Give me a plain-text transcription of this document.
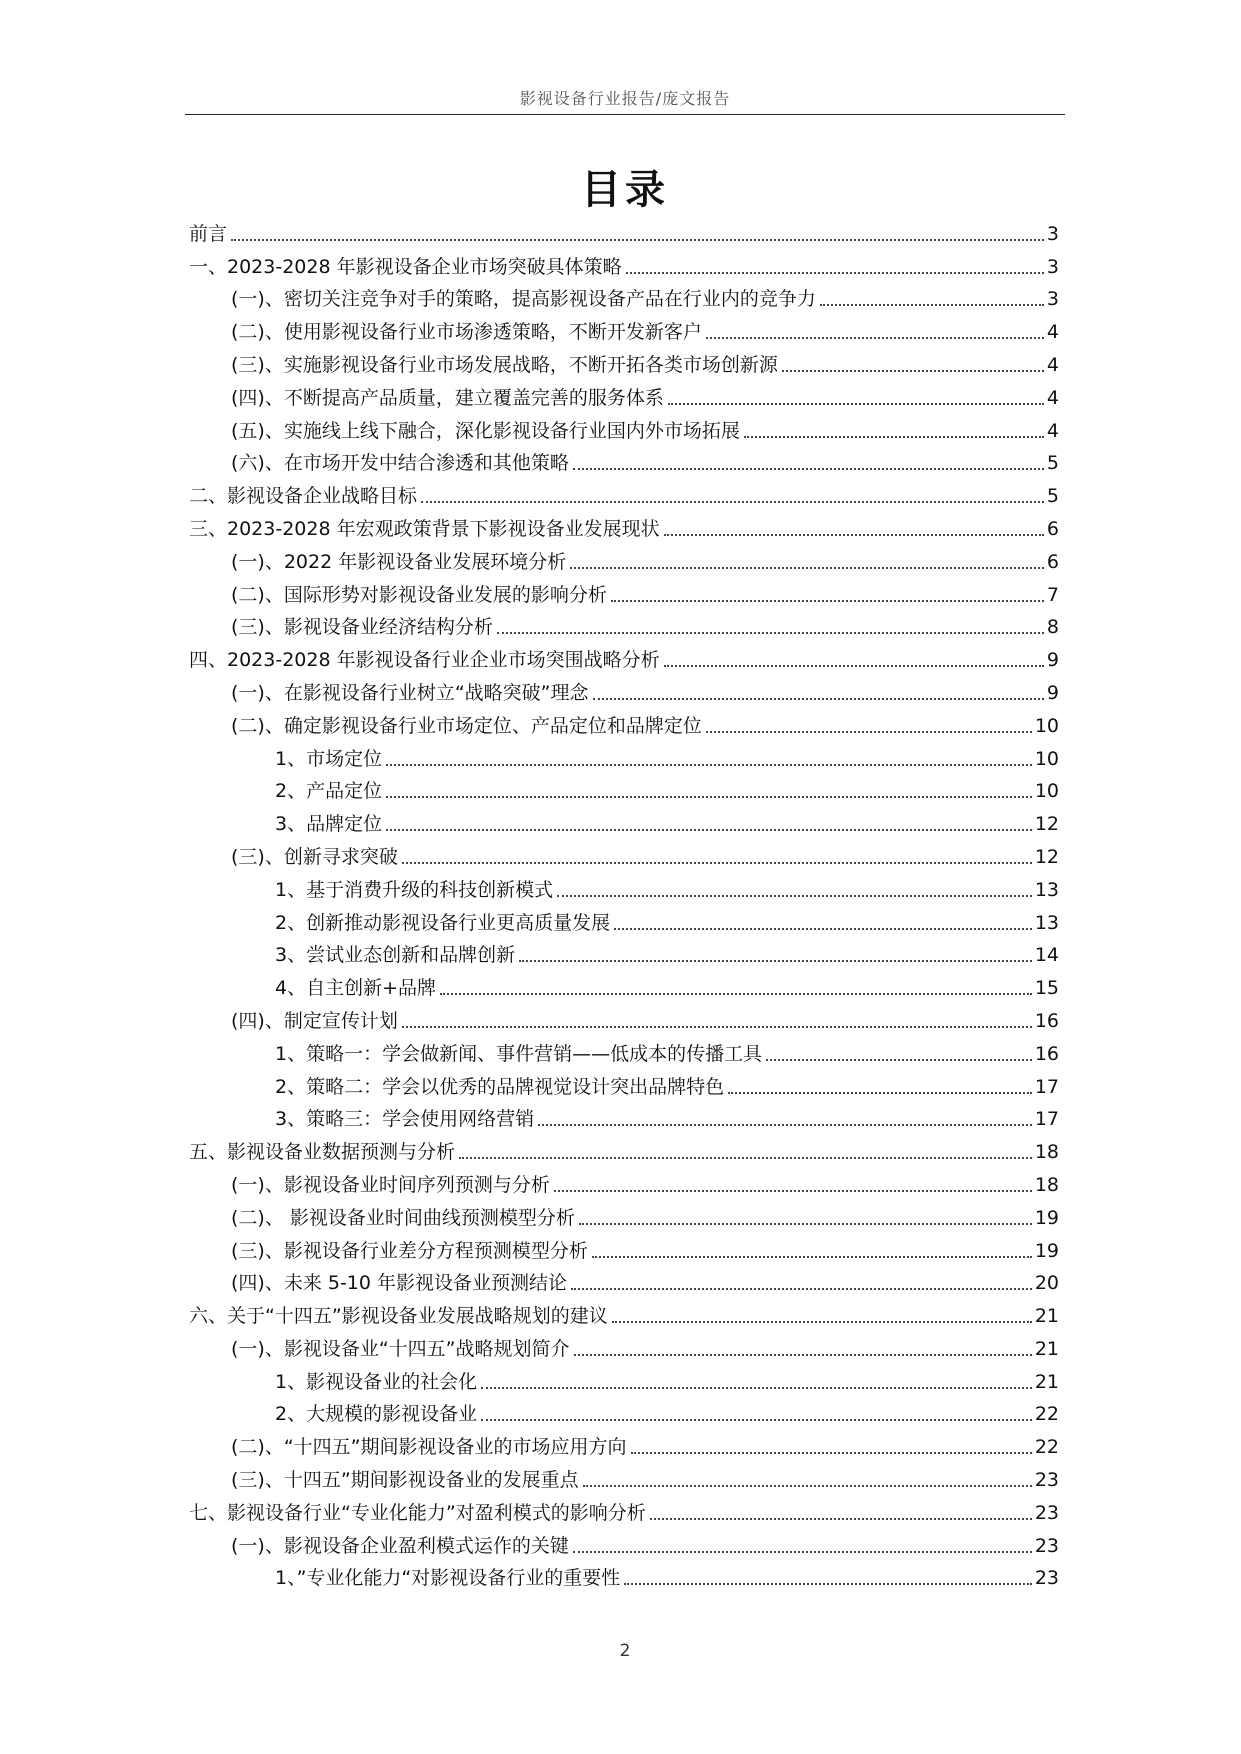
影视设备行业报告/庞文报告
目录
前言	3
一、2023-2028 年影视设备企业市场突破具体策略	3
(一)、密切关注竞争对手的策略，提高影视设备产品在行业内的竞争力	3
(二)、使用影视设备行业市场渗透策略，不断开发新客户	4
(三)、实施影视设备行业市场发展战略，不断开拓各类市场创新源	4
(四)、不断提高产品质量，建立覆盖完善的服务体系	4
(五)、实施线上线下融合，深化影视设备行业国内外市场拓展	4
(六)、在市场开发中结合渗透和其他策略	5
二、影视设备企业战略目标	5
三、2023-2028 年宏观政策背景下影视设备业发展现状	6
(一)、2022 年影视设备业发展环境分析	6
(二)、国际形势对影视设备业发展的影响分析	7
(三)、影视设备业经济结构分析	8
四、2023-2028 年影视设备行业企业市场突围战略分析	9
(一)、在影视设备行业树立“战略突破”理念	9
(二)、确定影视设备行业市场定位、产品定位和品牌定位	10
1、市场定位	10
2、产品定位	10
3、品牌定位	12
(三)、创新寻求突破	12
1、基于消费升级的科技创新模式	13
2、创新推动影视设备行业更高质量发展	13
3、尝试业态创新和品牌创新	14
4、自主创新+品牌	15
(四)、制定宣传计划	16
1、策略一：学会做新闻、事件营销——低成本的传播工具	16
2、策略二：学会以优秀的品牌视觉设计突出品牌特色	17
3、策略三：学会使用网络营销	17
五、影视设备业数据预测与分析	18
(一)、影视设备业时间序列预测与分析	18
(二)、 影视设备业时间曲线预测模型分析	19
(三)、影视设备行业差分方程预测模型分析	19
(四)、未来 5-10 年影视设备业预测结论	20
六、关于“十四五”影视设备业发展战略规划的建议	21
(一)、影视设备业“十四五”战略规划简介	21
1、影视设备业的社会化	21
2、大规模的影视设备业	22
(二)、“十四五”期间影视设备业的市场应用方向	22
(三)、十四五”期间影视设备业的发展重点	23
七、影视设备行业“专业化能力”对盈利模式的影响分析	23
(一)、影视设备企业盈利模式运作的关键	23
1、”专业化能力“对影视设备行业的重要性	23
2
